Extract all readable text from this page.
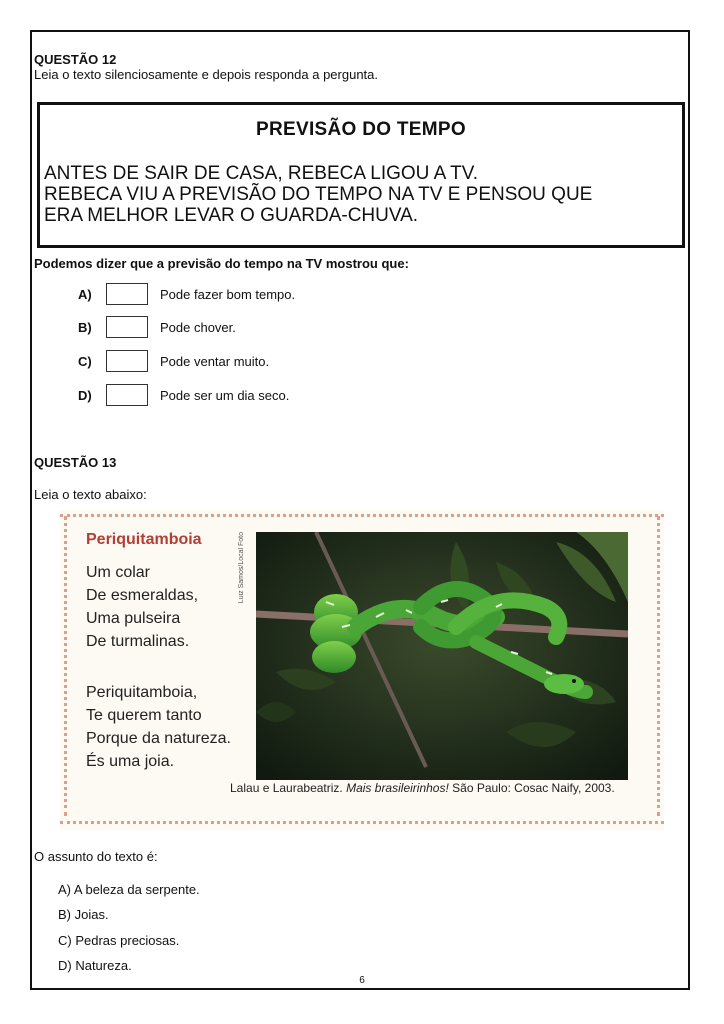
QUESTÃO 12
Leia o texto silenciosamente e depois responda a pergunta.
PREVISÃO DO TEMPO
ANTES DE SAIR DE CASA, REBECA LIGOU A TV.
REBECA VIU A PREVISÃO DO TEMPO NA TV E PENSOU QUE
ERA MELHOR LEVAR O GUARDA-CHUVA.
Podemos dizer que a previsão do tempo na TV mostrou que:
A)	Pode fazer bom tempo.
B)	Pode chover.
C)	Pode ventar muito.
D)	Pode ser um dia seco.
QUESTÃO 13
Leia o texto abaixo:
Periquitamboia
Um colar
De esmeraldas,
Uma pulseira
De turmalinas.
Periquitamboia,
Te querem tanto
Porque da natureza.
És uma joia.
Luiz Samos/Local Foto
Lalau e Laurabeatriz. Mais brasileirinhos! São Paulo: Cosac Naify, 2003.
O assunto do texto é:
A) A beleza da serpente.
B) Joias.
C) Pedras preciosas.
D) Natureza.
6
